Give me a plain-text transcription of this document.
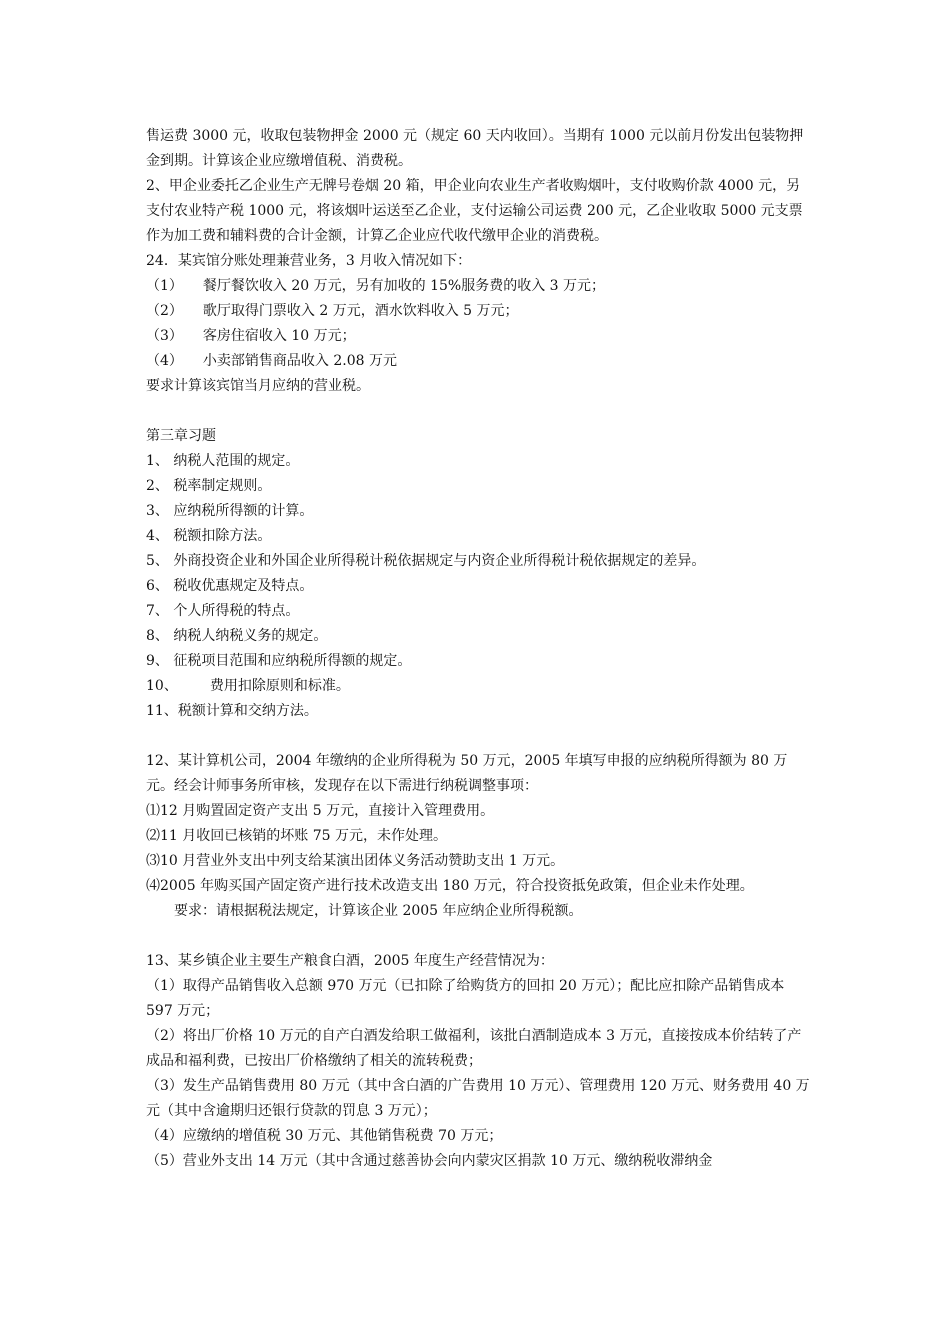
售运费 3000 元，收取包装物押金 2000 元（规定 60 天内收回）。当期有 1000 元以前月份发出包装物押金到期。计算该企业应缴增值税、消费税。

2、甲企业委托乙企业生产无牌号卷烟 20 箱，甲企业向农业生产者收购烟叶，支付收购价款 4000 元，另支付农业特产税 1000 元，将该烟叶运送至乙企业，支付运输公司运费 200 元，乙企业收取 5000 元支票作为加工费和辅料费的合计金额，计算乙企业应代收代缴甲企业的消费税。

24．某宾馆分账处理兼营业务，3 月收入情况如下：

（1） 餐厅餐饮收入 20 万元，另有加收的 15%服务费的收入 3 万元；
（2） 歌厅取得门票收入 2 万元，酒水饮料收入 5 万元；
（3） 客房住宿收入 10 万元；
（4） 小卖部销售商品收入 2.08 万元

要求计算该宾馆当月应纳的营业税。

第三章习题

1、
纳税人范围的规定。
2、
税率制定规则。
3、
应纳税所得额的计算。
4、
税额扣除方法。
5、
外商投资企业和外国企业所得税计税依据规定与内资企业所得税计税依据规定的差异。
6、
税收优惠规定及特点。
7、
个人所得税的特点。
8、
纳税人纳税义务的规定。
9、
征税项目范围和应纳税所得额的规定。
10、 费用扣除原则和标准。

11、税额计算和交纳方法。

12、某计算机公司，2004 年缴纳的企业所得税为 50 万元，2005 年填写申报的应纳税所得额为 80 万元。经会计师事务所审核，发现存在以下需进行纳税调整事项：

⑴12 月购置固定资产支出 5 万元，直接计入管理费用。

⑵11 月收回已核销的坏账 75 万元，未作处理。

⑶10 月营业外支出中列支给某演出团体义务活动赞助支出 1 万元。

⑷2005 年购买国产固定资产进行技术改造支出 180 万元，符合投资抵免政策，但企业未作处理。

要求：请根据税法规定，计算该企业 2005 年应纳企业所得税额。

13、某乡镇企业主要生产粮食白酒，2005 年度生产经营情况为：

（1）取得产品销售收入总额 970 万元（已扣除了给购货方的回扣 20 万元）；配比应扣除产品销售成本 597 万元；

（2）将出厂价格 10 万元的自产白酒发给职工做福利，该批白酒制造成本 3 万元，直接按成本价结转了产成品和福利费，已按出厂价格缴纳了相关的流转税费；

（3）发生产品销售费用 80 万元（其中含白酒的广告费用 10 万元）、管理费用 120 万元、财务费用 40 万元（其中含逾期归还银行贷款的罚息 3 万元）；

（4）应缴纳的增值税 30 万元、其他销售税费 70 万元；

（5）营业外支出 14 万元（其中含通过慈善协会向内蒙灾区捐款 10 万元、缴纳税收滞纳金
